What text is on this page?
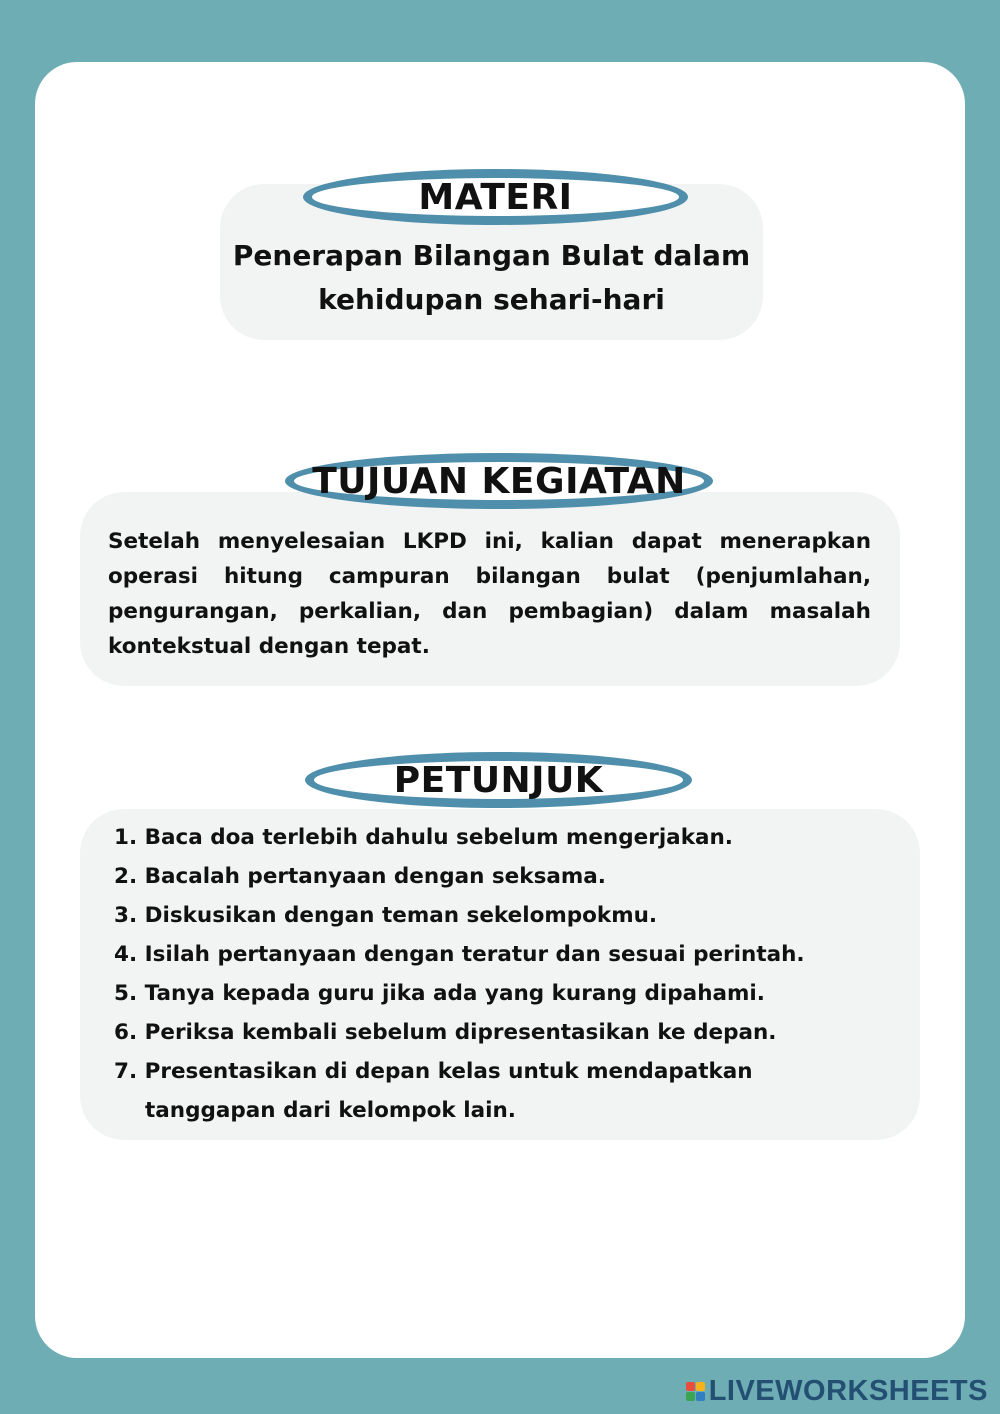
MATERI
Penerapan Bilangan Bulat dalam
kehidupan sehari-hari
TUJUAN KEGIATAN
Setelah menyelesaian LKPD ini, kalian dapat menerapkan operasi hitung campuran bilangan bulat (penjumlahan, pengurangan, perkalian, dan pembagian) dalam masalah kontekstual dengan tepat.
PETUNJUK
1. Baca doa terlebih dahulu sebelum mengerjakan.
2. Bacalah pertanyaan dengan seksama.
3. Diskusikan dengan teman sekelompokmu.
4. Isilah pertanyaan dengan teratur dan sesuai perintah.
5. Tanya kepada guru jika ada yang kurang dipahami.
6. Periksa kembali sebelum dipresentasikan ke depan.
7. Presentasikan di depan kelas untuk mendapatkan
tanggapan dari kelompok lain.
LIVEWORKSHEETS
